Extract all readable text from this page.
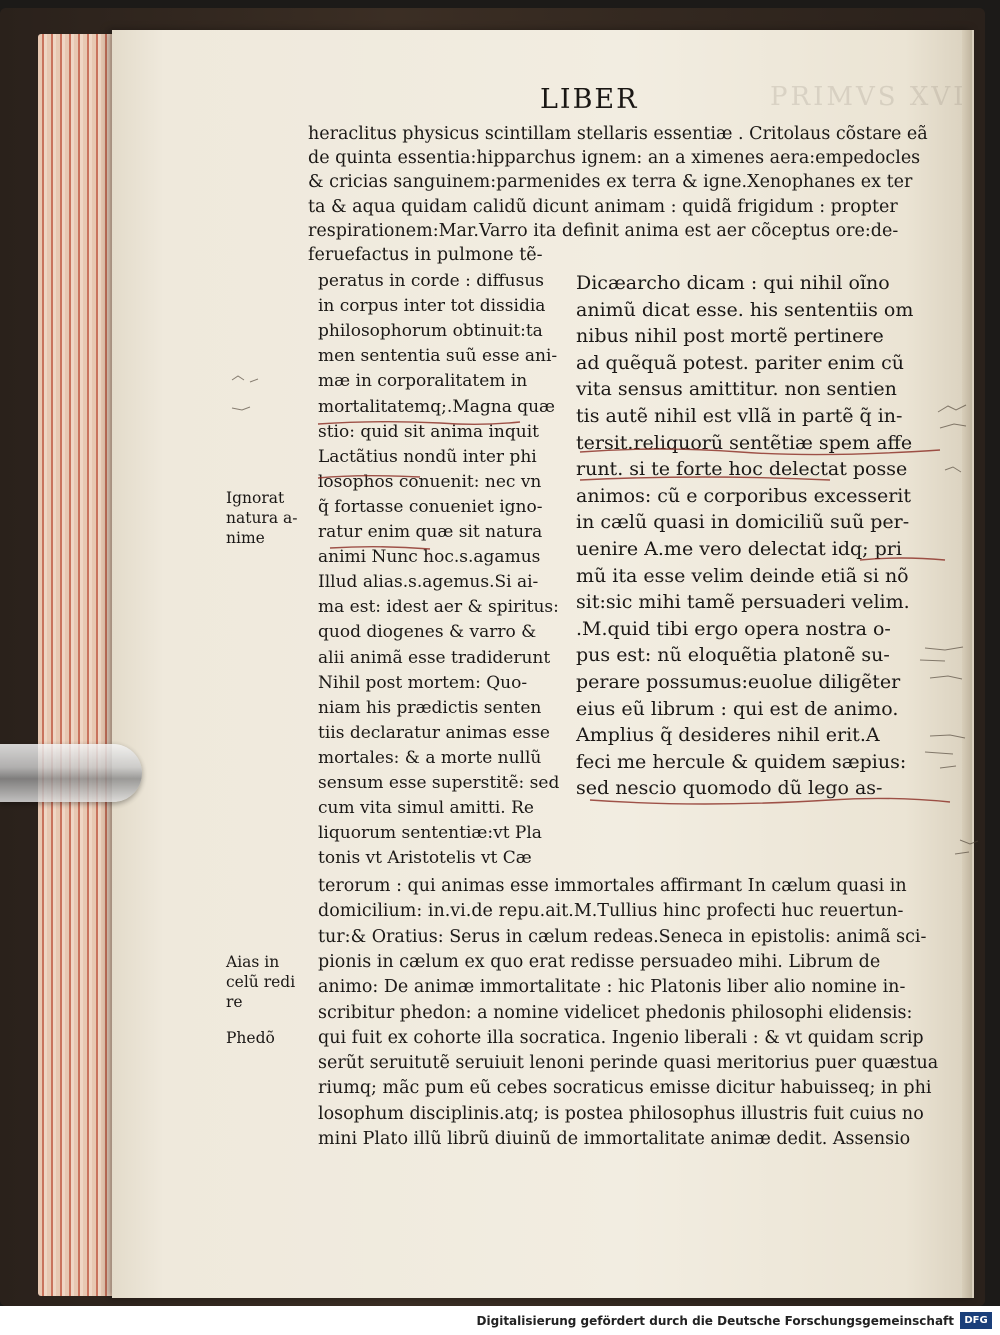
PRIMVS XVI
LIBER
heraclitus physicus scintillam stellaris essentiæ . Critolaus cõstare eã
de quinta essentia:hipparchus ignem: an a ximenes aera:empedocles
& cricias sanguinem:parmenides ex terra & igne.Xenophanes ex ter
ta & aqua quidam calidũ dicunt animam : quidã frigidum : propter
respirationem:Mar.Varro ita definit anima est aer cõceptus ore:de-
feruefactus in pulmone tẽ-
peratus in corde : diffusus
in corpus inter tot dissidia
philosophorum obtinuit:ta
men sententia suũ esse ani-
mæ in corporalitatem in
mortalitatemq;.Magna quæ
stio: quid sit anima inquit
Lactãtius nondũ inter phi
losophos conuenit: nec vn
q̃ fortasse conueniet igno-
ratur enim quæ sit natura
animi Nunc hoc.s.agamus
Illud alias.s.agemus.Si ai-
ma est: idest aer & spiritus:
quod diogenes & varro &
alii animã esse tradiderunt
Nihil post mortem: Quo-
niam his prædictis senten
tiis declaratur animas esse
mortales: & a morte nullũ
sensum esse superstitẽ: sed
cum vita simul amitti. Re
liquorum sententiæ:vt Pla
tonis vt Aristotelis vt Cæ
Dicæarcho dicam : qui nihil oĩno
animũ dicat esse. his sententiis om
nibus nihil post mortẽ pertinere
ad quẽquã potest. pariter enim cũ
vita sensus amittitur. non sentien
tis autẽ nihil est vllã in partẽ q̃ in-
tersit.reliquorũ sentẽtiæ spem affe
runt. si te forte hoc delectat posse
animos: cũ e corporibus excesserit
in cælũ quasi in domiciliũ suũ per-
uenire A.me vero delectat idq; pri
mũ ita esse velim deinde etiã si nõ
sit:sic mihi tamẽ persuaderi velim.
.M.quid tibi ergo opera nostra o-
pus est: nũ eloquẽtia platonẽ su-
perare possumus:euolue diligẽter
eius eũ librum : qui est de animo.
Amplius q̃ desideres nihil erit.A
feci me hercule & quidem sæpius:
sed nescio quomodo dũ lego as-
terorum : qui animas esse immortales affirmant In cælum quasi in
domicilium: in.vi.de repu.ait.M.Tullius hinc profecti huc reuertun-
tur:& Oratius: Serus in cælum redeas.Seneca in epistolis: animã sci-
pionis in cælum ex quo erat redisse persuadeo mihi. Librum de
animo: De animæ immortalitate : hic Platonis liber alio nomine in-
scribitur phedon: a nomine videlicet phedonis philosophi elidensis:
qui fuit ex cohorte illa socratica. Ingenio liberali : & vt quidam scrip
serũt seruitutẽ seruiuit lenoni perinde quasi meritorius puer quæstua
riumq; mãc pum eũ cebes socraticus emisse dicitur habuisseq; in phi
losophum disciplinis.atq; is postea philosophus illustris fuit cuius no
mini Plato illũ librũ diuinũ de immortalitate animæ dedit. Assensio
Ignorat
natura a-
nime
Aias in
celũ redi
re
Phedõ
Digitalisierung gefördert durch die Deutsche Forschungsgemeinschaft	DFG
